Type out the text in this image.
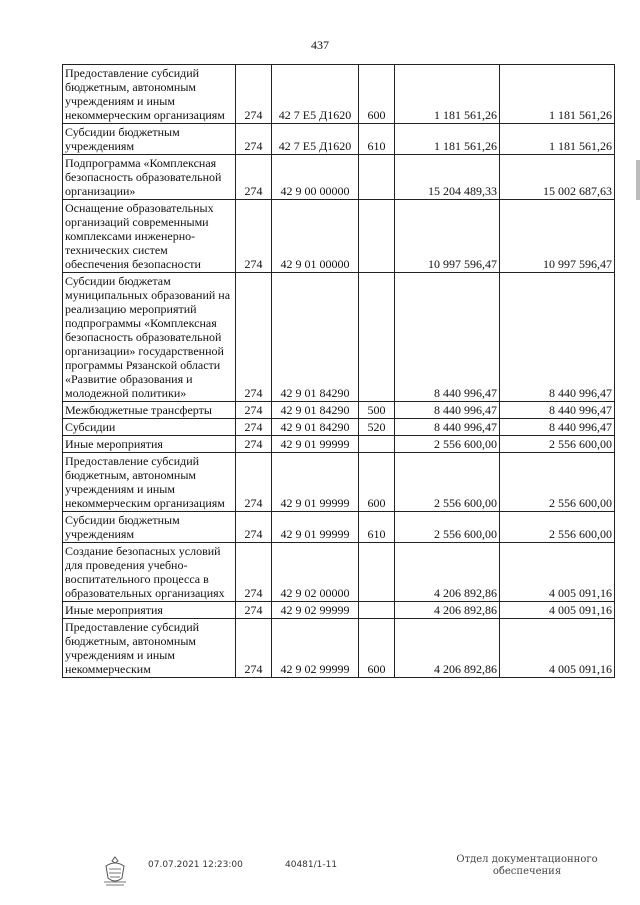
437
Предоставление субсидий бюджетным, автономным учреждениям и иным некоммерческим организациям	274	42 7 E5 Д1620	600	1 181 561,26	1 181 561,26
Субсидии бюджетным учреждениям	274	42 7 E5 Д1620	610	1 181 561,26	1 181 561,26
Подпрограмма «Комплексная безопасность образовательной организации»	274	42 9 00 00000		15 204 489,33	15 002 687,63
Оснащение образовательных организаций современными комплексами инженерно-технических систем обеспечения безопасности	274	42 9 01 00000		10 997 596,47	10 997 596,47
Субсидии бюджетам муниципальных образований на реализацию мероприятий подпрограммы «Комплексная безопасность образовательной организации» государственной программы Рязанской области «Развитие образования и молодежной политики»	274	42 9 01 84290		8 440 996,47	8 440 996,47
Межбюджетные трансферты	274	42 9 01 84290	500	8 440 996,47	8 440 996,47
Субсидии	274	42 9 01 84290	520	8 440 996,47	8 440 996,47
Иные мероприятия	274	42 9 01 99999		2 556 600,00	2 556 600,00
Предоставление субсидий бюджетным, автономным учреждениям и иным некоммерческим организациям	274	42 9 01 99999	600	2 556 600,00	2 556 600,00
Субсидии бюджетным учреждениям	274	42 9 01 99999	610	2 556 600,00	2 556 600,00
Создание безопасных условий для проведения учебно-воспитательного процесса в образовательных организациях	274	42 9 02 00000		4 206 892,86	4 005 091,16
Иные мероприятия	274	42 9 02 99999		4 206 892,86	4 005 091,16
Предоставление субсидий бюджетным, автономным учреждениям и иным некоммерческим	274	42 9 02 99999	600	4 206 892,86	4 005 091,16
07.07.2021 12:23:00	40481/1-11	Отдел документационного обеспечения
